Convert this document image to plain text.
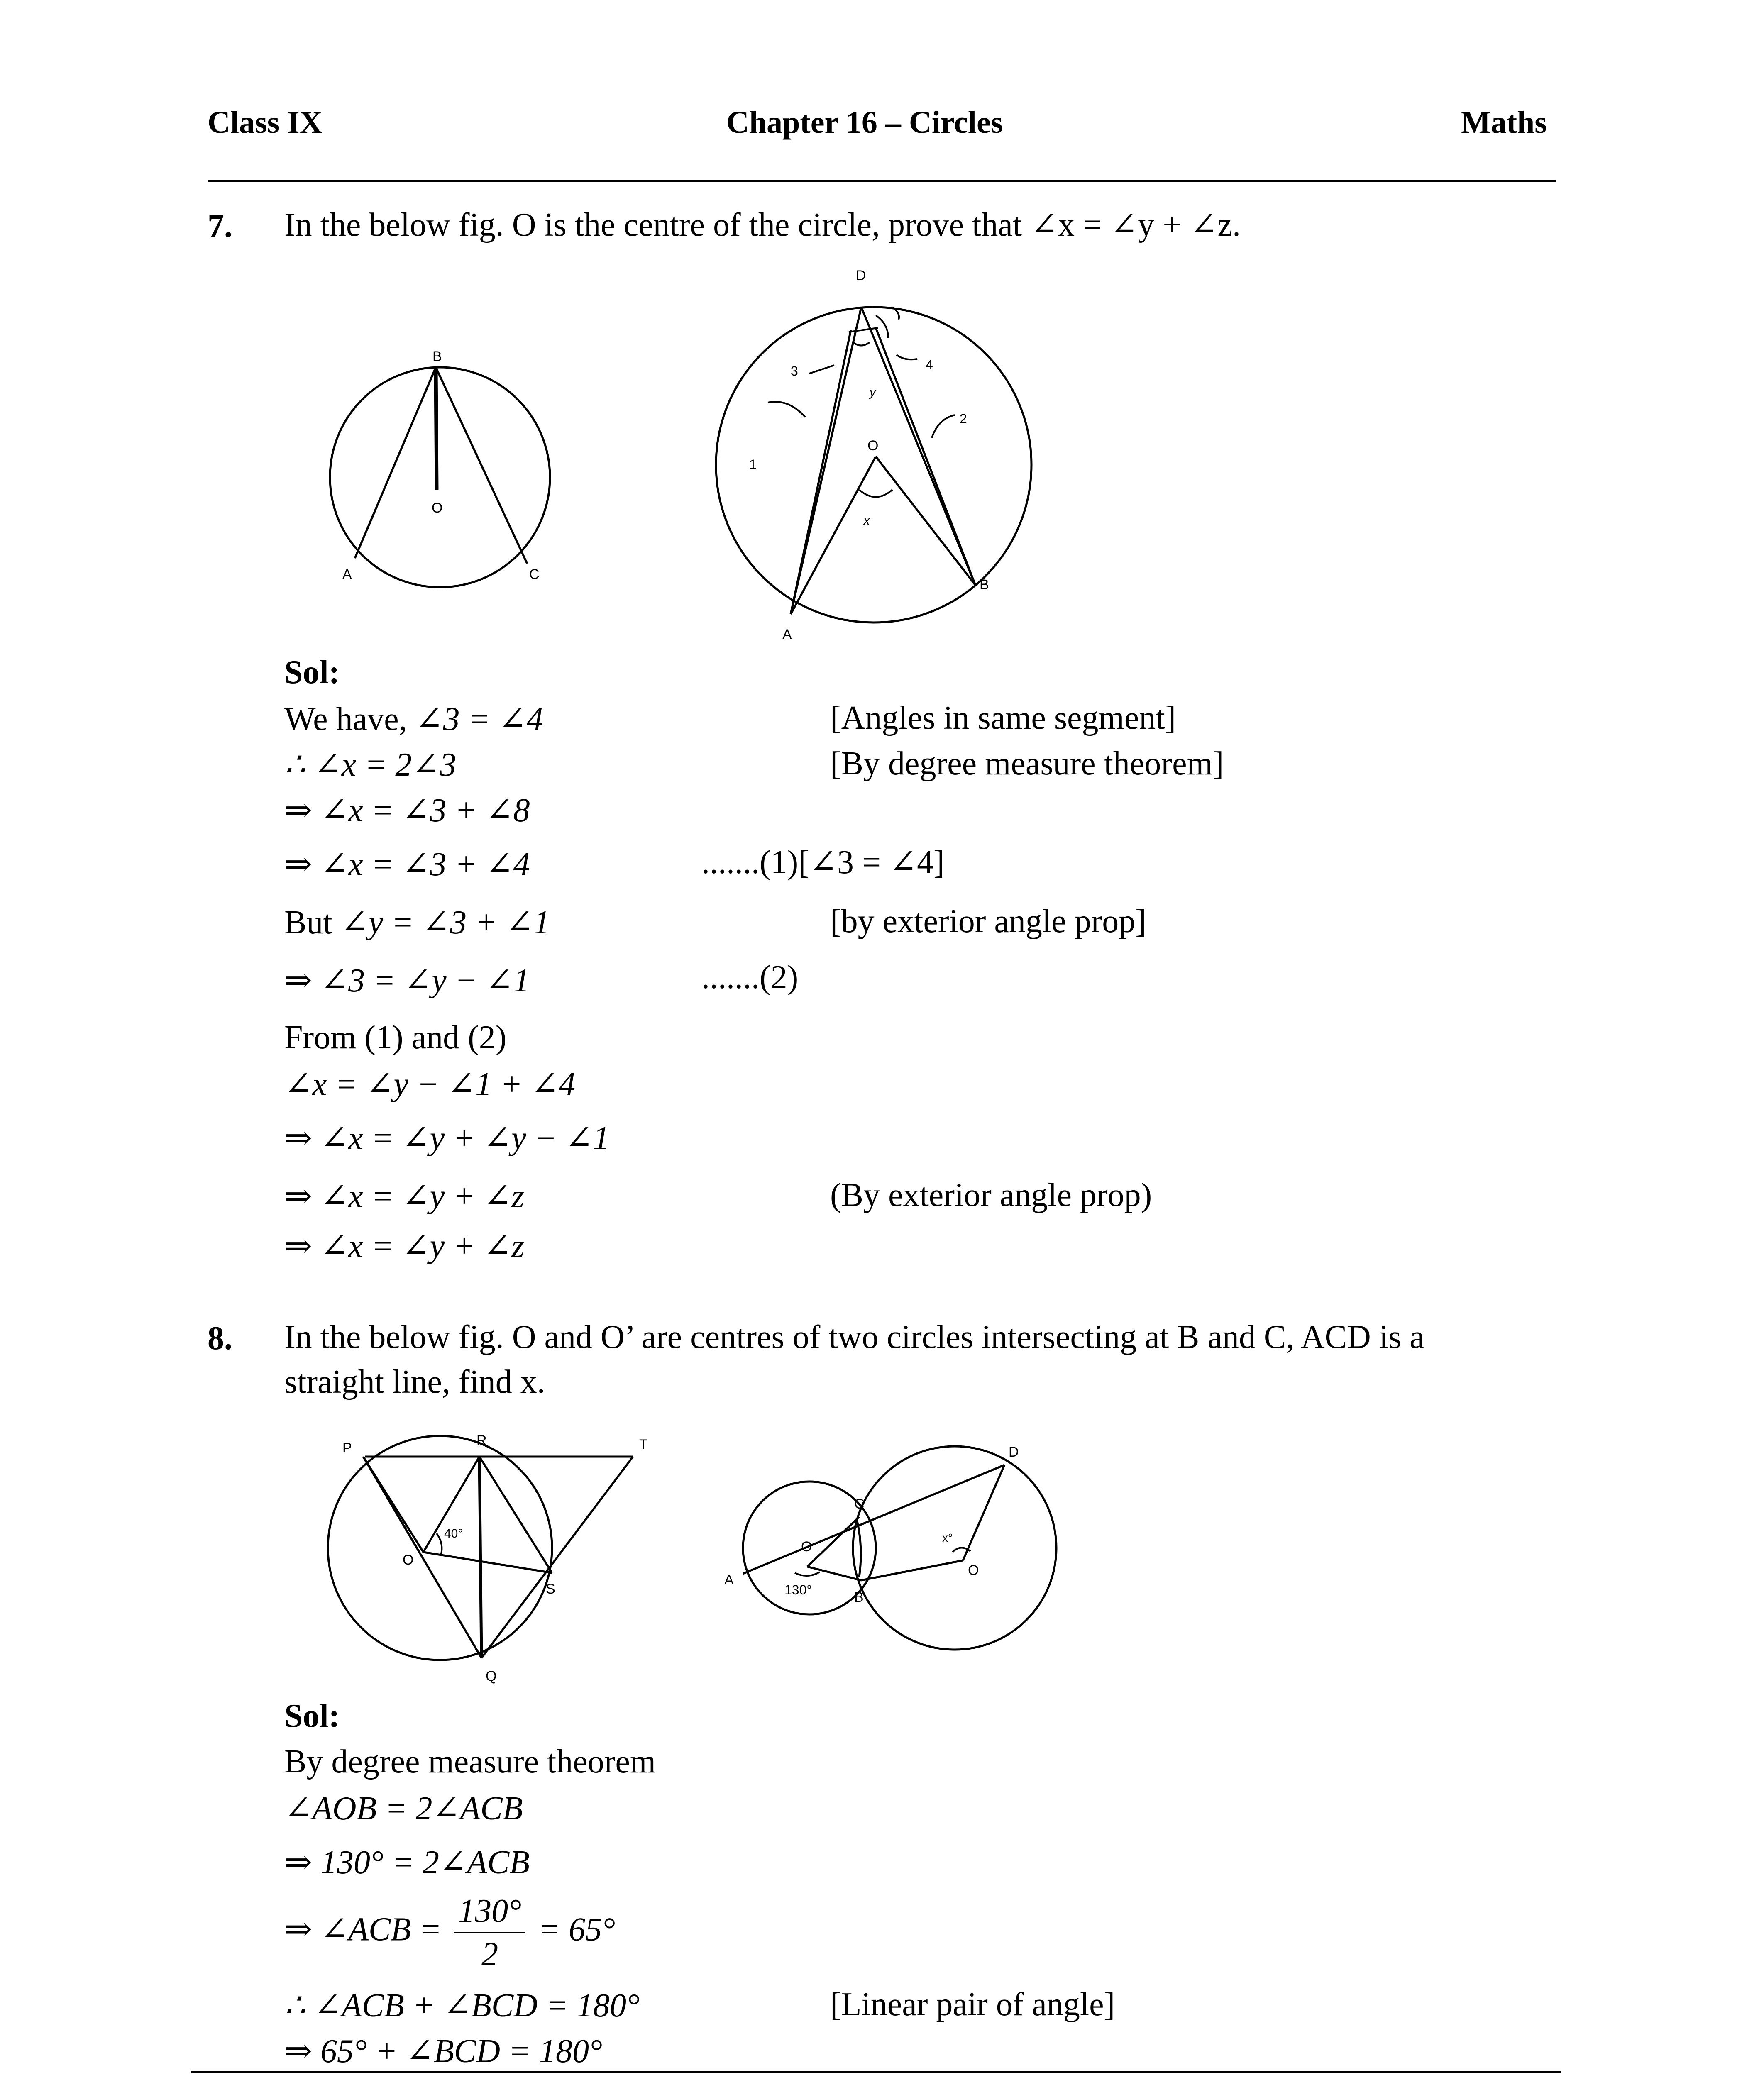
Class IX	Chapter 16 – Circles	Maths
7. In the below fig. O is the centre of the circle, prove that ∠x = ∠y + ∠z.
B
O
A	C
D
3	4
y
2
1
O
x
B
A
Sol:
We have, ∠3 = ∠4	[Angles in same segment]
∴ ∠x = 2∠3	[By degree measure theorem]
⇒ ∠x = ∠3 + ∠8
⇒ ∠x = ∠3 + ∠4	.......(1)[∠3 = ∠4]
But ∠y = ∠3 + ∠1	[by exterior angle prop]
⇒ ∠3 = ∠y − ∠1	.......(2)
From (1) and (2)
∠x = ∠y − ∠1 + ∠4
⇒ ∠x = ∠y + ∠y − ∠1
⇒ ∠x = ∠y + ∠z	(By exterior angle prop)
⇒ ∠x = ∠y + ∠z
8. In the below fig. O and O’ are centres of two circles intersecting at B and C, ACD is a straight line, find x.
40°
P	R	T
O
S
Q
130°
x°
A
O
C
B
D
O
Sol:
By degree measure theorem
∠AOB = 2∠ACB
⇒ 130° = 2∠ACB
⇒ ∠ACB = $\frac{130^\circ}{2} = 65^\circ$
∴ ∠ACB + ∠BCD = 180°	[Linear pair of angle]
⇒ 65° + ∠BCD = 180°
